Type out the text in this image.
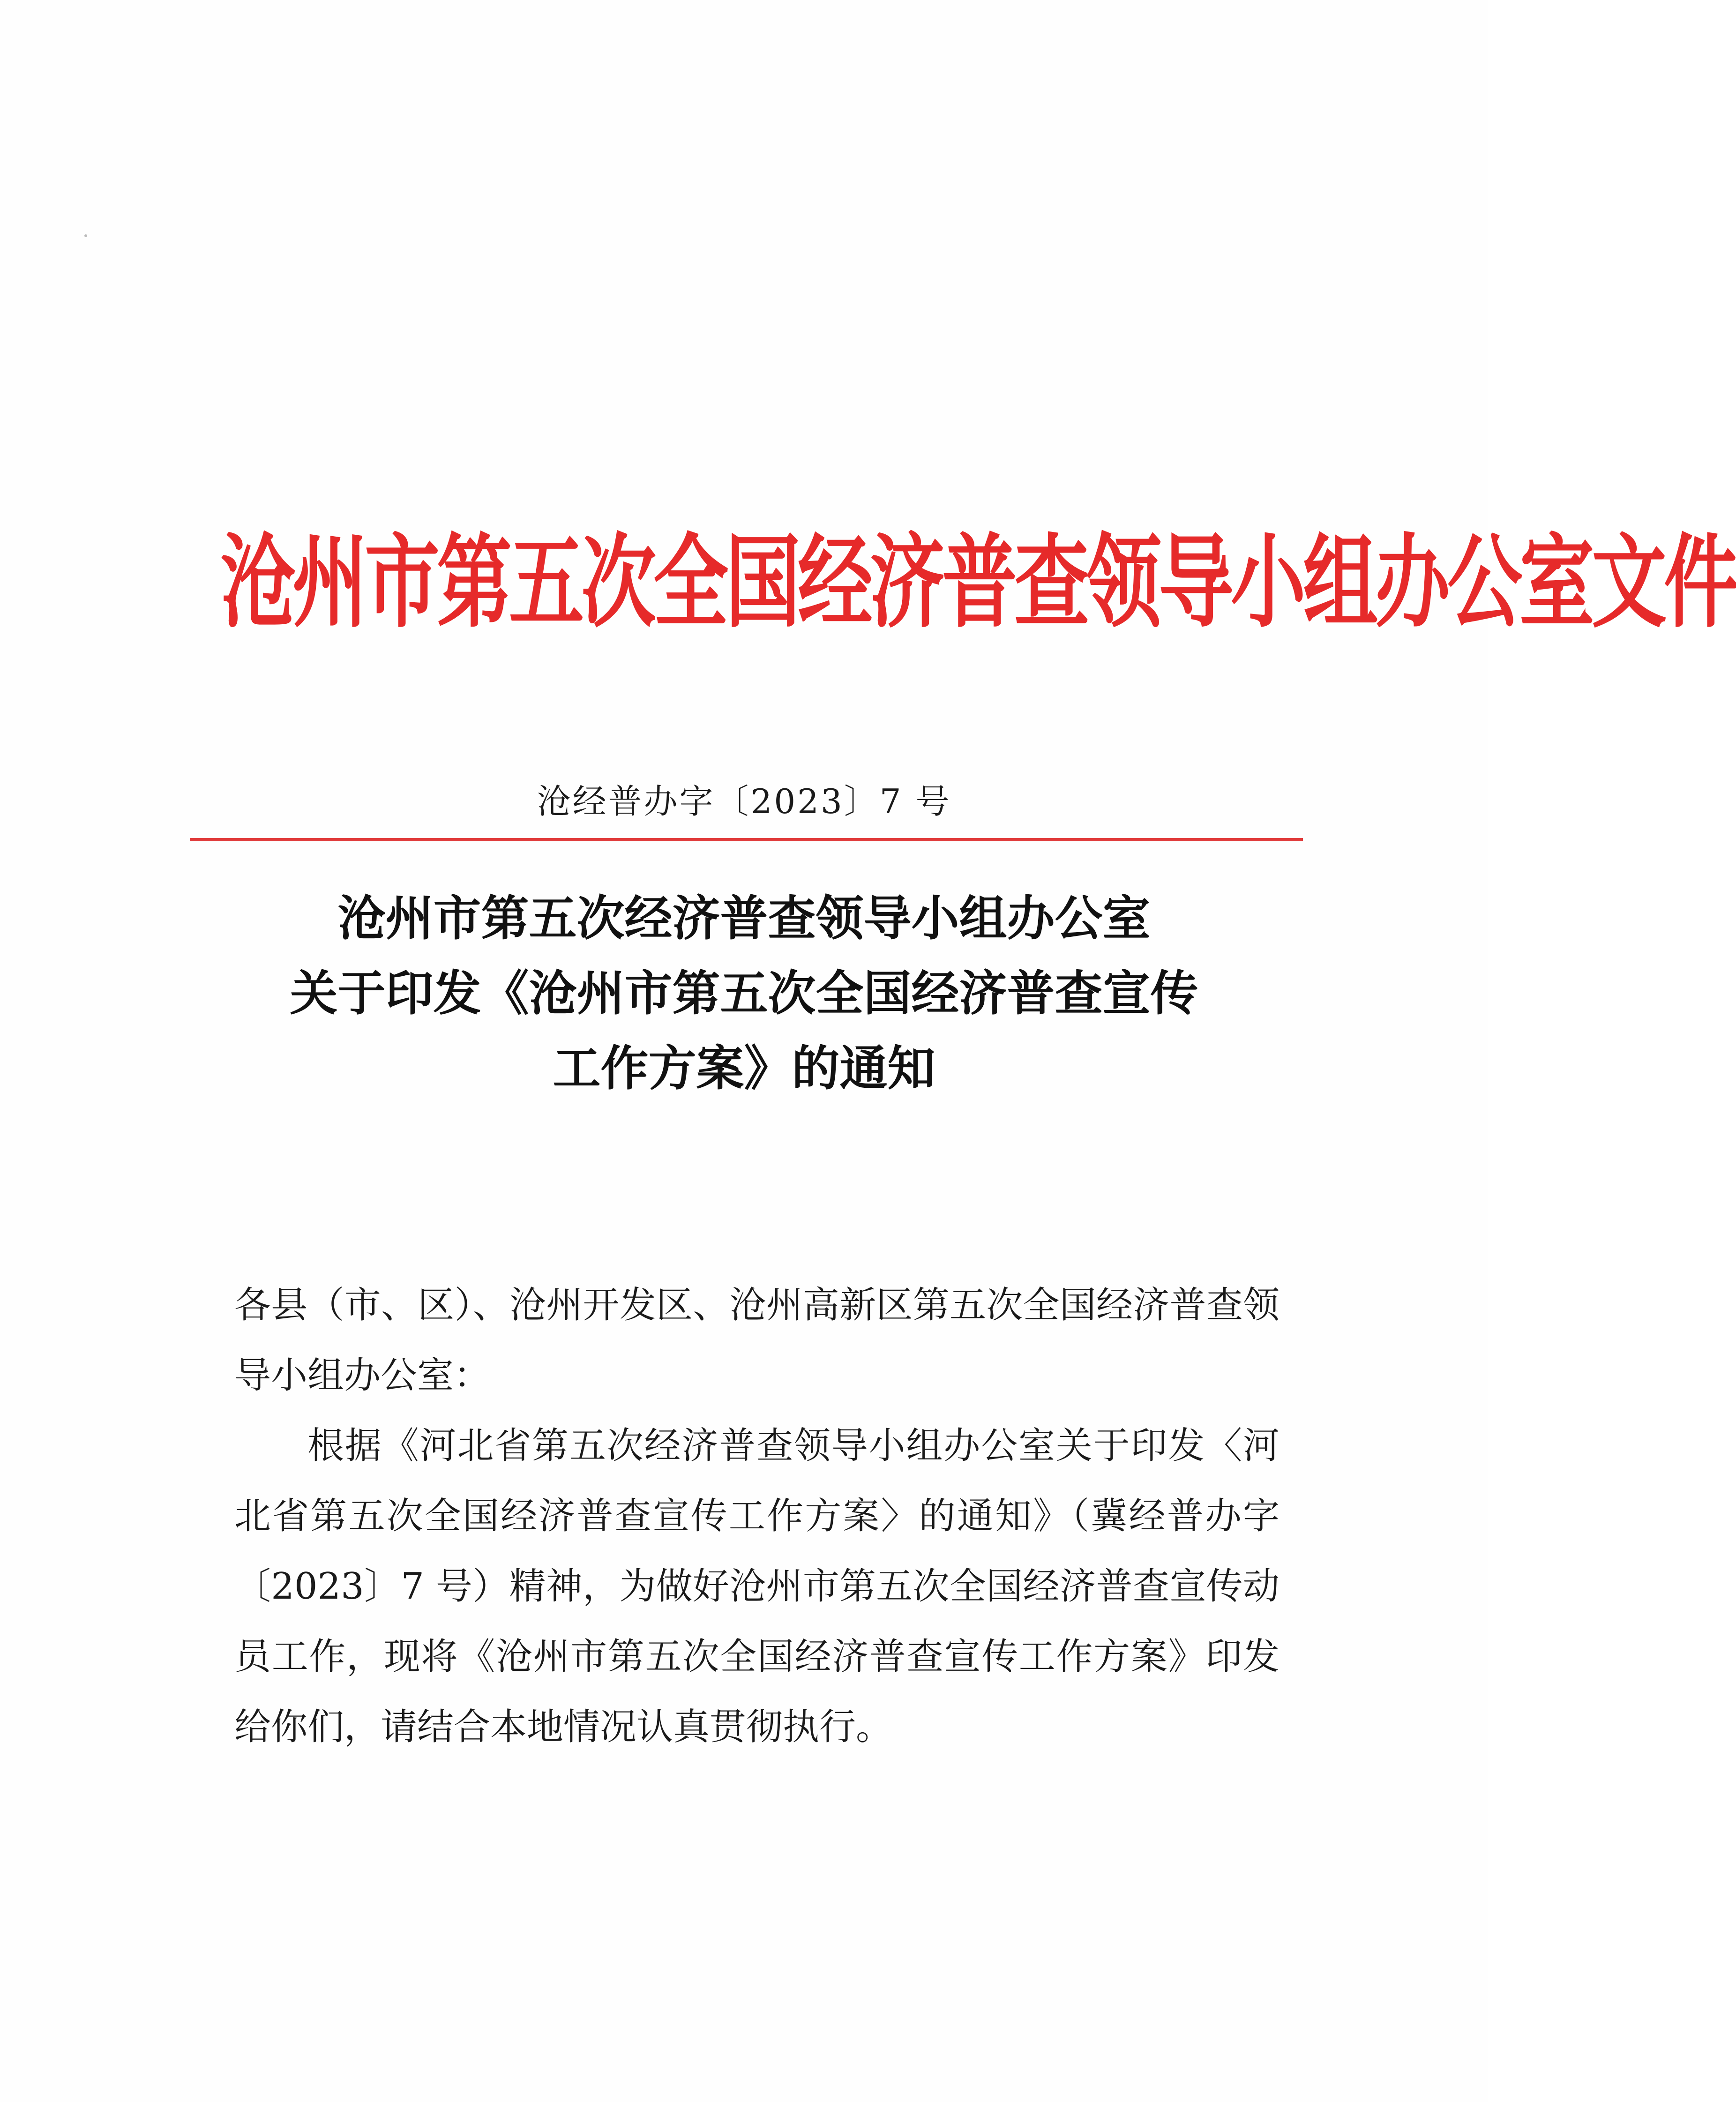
沧州市第五次全国经济普查领导小组办公室文件
沧经普办字〔2023〕7 号
沧州市第五次经济普查领导小组办公室
关于印发《沧州市第五次全国经济普查宣传
工作方案》的通知

各县（市、区）、沧州开发区、沧州高新区第五次全国经济普查领导小组办公室：

根据《河北省第五次经济普查领导小组办公室关于印发〈河北省第五次全国经济普查宣传工作方案〉的通知》（冀经普办字〔2023〕7 号）精神，为做好沧州市第五次全国经济普查宣传动员工作，现将《沧州市第五次全国经济普查宣传工作方案》印发给你们，请结合本地情况认真贯彻执行。
